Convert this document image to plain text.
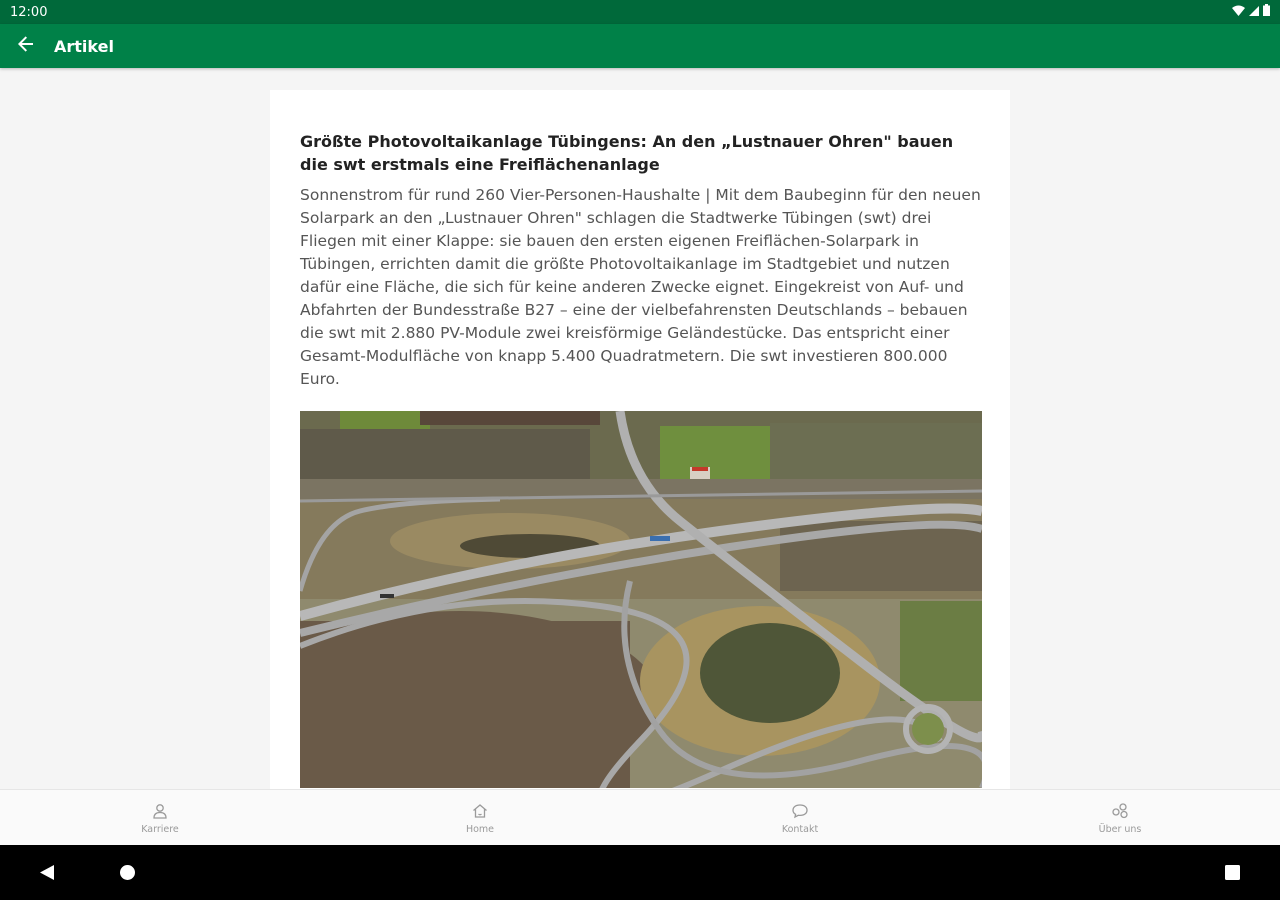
12:00
Artikel
Größte Photovoltaikanlage Tübingens: An den „Lustnauer Ohren" bauen die swt erstmals eine Freiflächenanlage
Sonnenstrom für rund 260 Vier-Personen-Haushalte | Mit dem Baubeginn für den neuen Solarpark an den „Lustnauer Ohren" schlagen die Stadtwerke Tübingen (swt) drei Fliegen mit einer Klappe: sie bauen den ersten eigenen Freiflächen-Solarpark in Tübingen, errichten damit die größte Photovoltaikanlage im Stadtgebiet und nutzen dafür eine Fläche, die sich für keine anderen Zwecke eignet. Eingekreist von Auf- und Abfahrten der Bundesstraße B27 – eine der vielbefahrensten Deutschlands – bebauen die swt mit 2.880 PV-Module zwei kreisförmige Geländestücke. Das entspricht einer Gesamt-Modulfläche von knapp 5.400 Quadratmetern. Die swt investieren 800.000 Euro.
Karriere	Home	Kontakt	Über uns
